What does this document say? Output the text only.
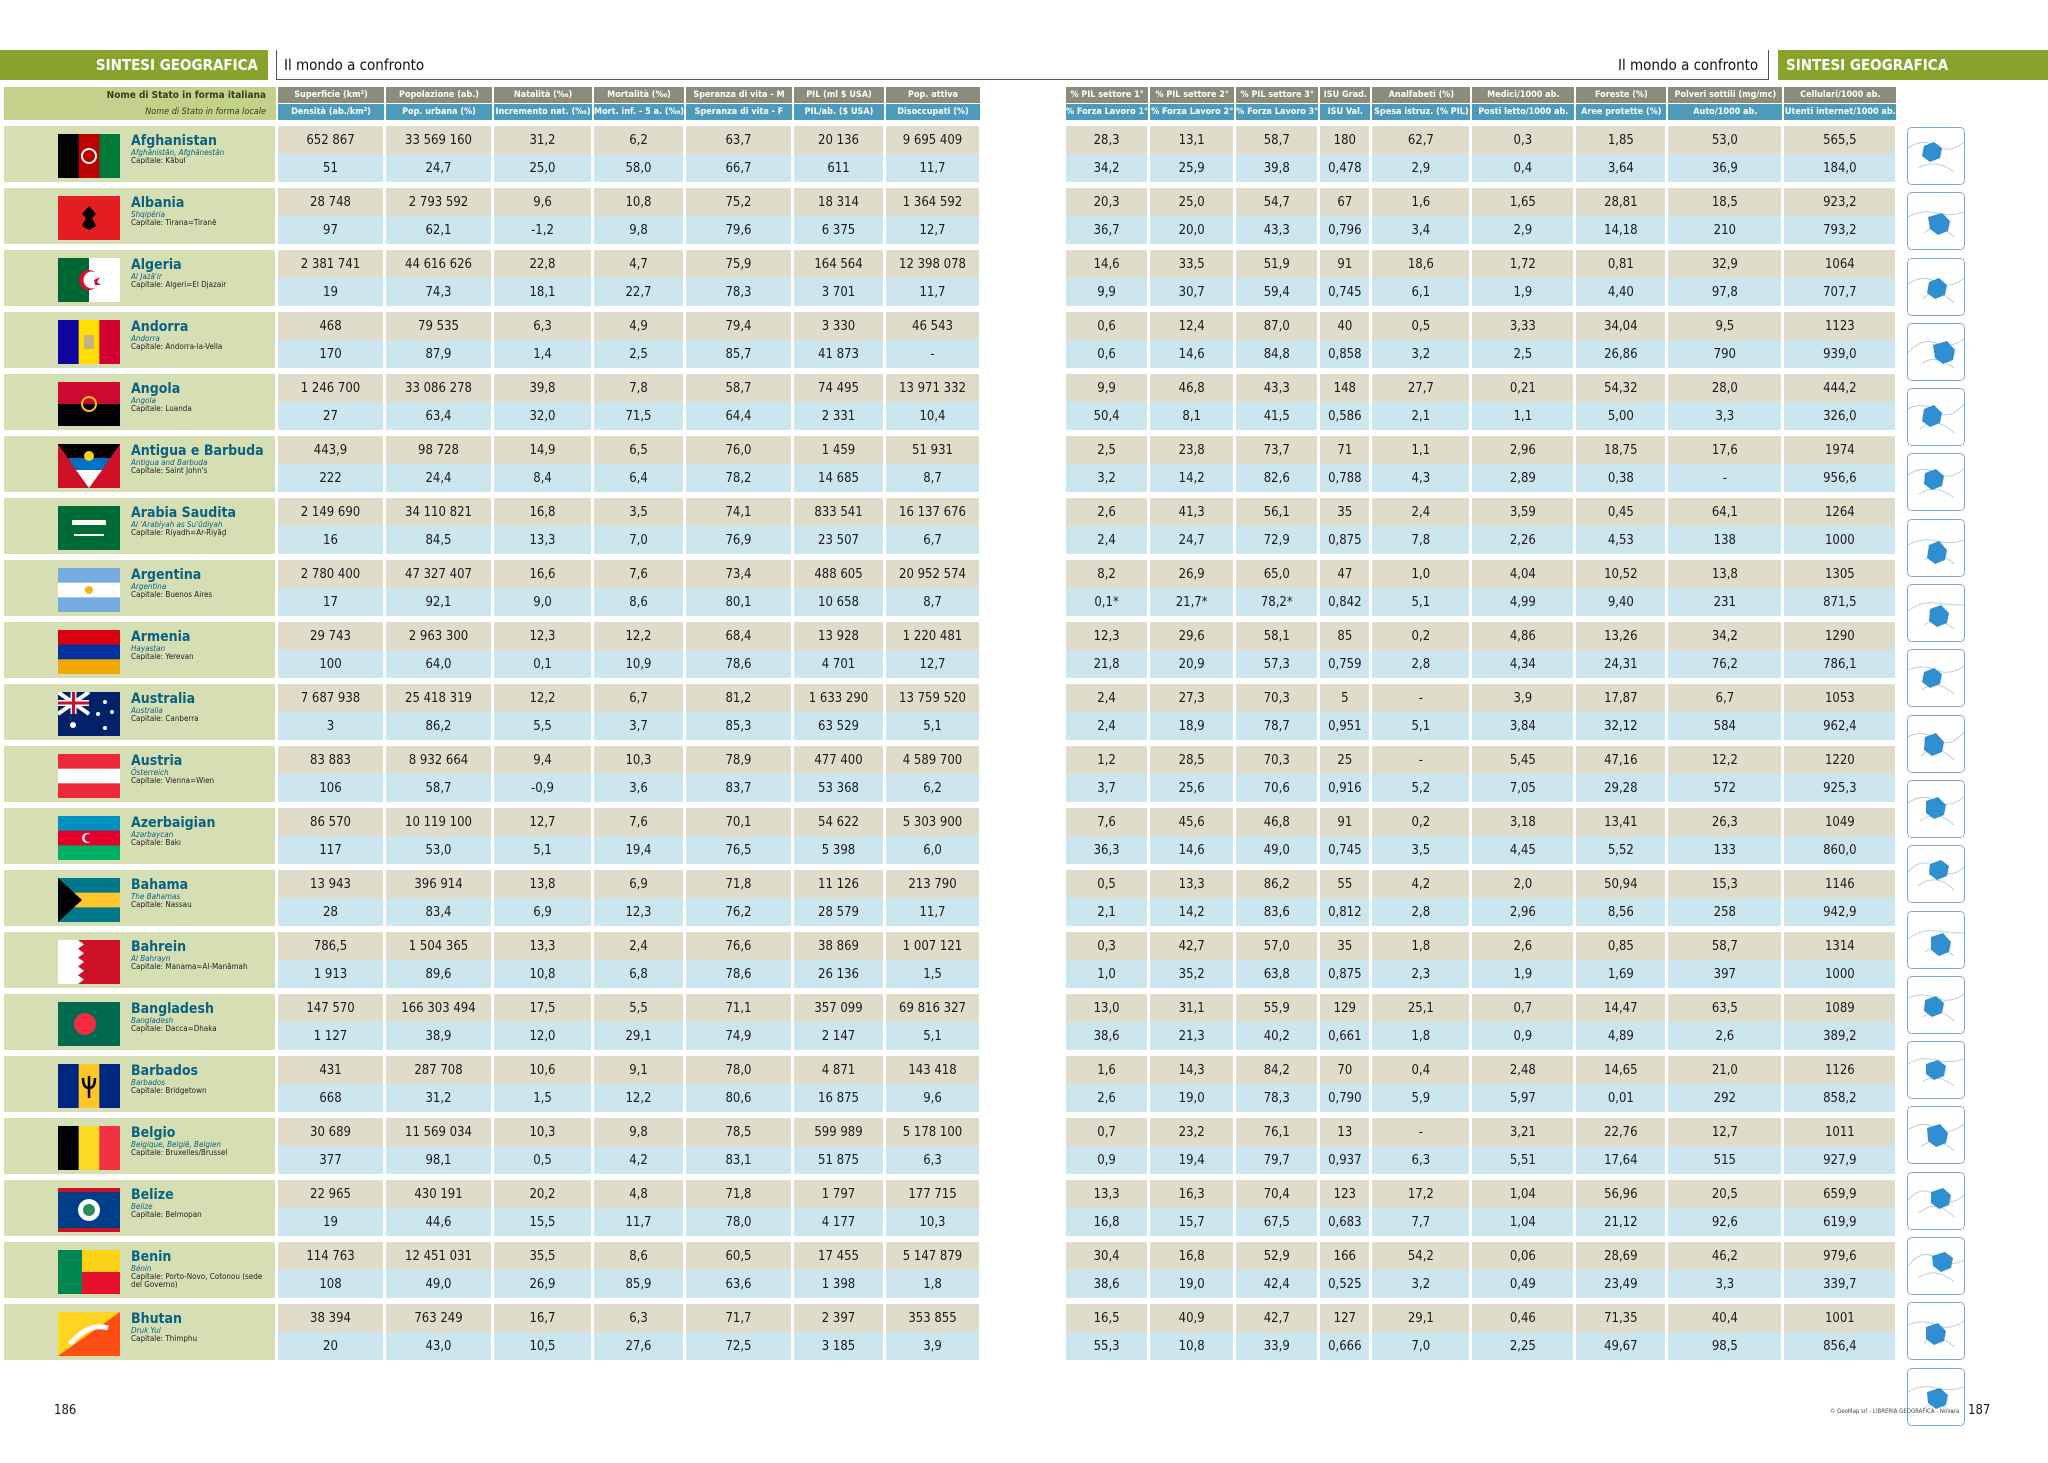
SINTESI GEOGRAFICA	Il mondo a confronto	Il mondo a confronto	SINTESI GEOGRAFICA
Nome di Stato in forma italiana	Superficie (km²)	Popolazione (ab.)	Natalità (‰)	Mortalità (‰)	Speranza di vita - M	PIL (ml $ USA)	Pop. attiva
Nome di Stato in forma locale	Densità (ab./km²)	Pop. urbana (%)	Incremento nat. (‰)	Mort. inf. - 5 a. (‰)	Speranza di vita - F	PIL/ab. ($ USA)	Disoccupati (%)

Afghanistan
Afghānistān, Afghānestān
Capitale: Kābul	652 867	33 569 160	31,2	6,2	63,7	20 136	9 695 409
	51	24,7	25,0	58,0	66,7	611	11,7

Albania
Shqipëria
Capitale: Tirana=Tiranë	28 748	2 793 592	9,6	10,8	75,2	18 314	1 364 592
	97	62,1	-1,2	9,8	79,6	6 375	12,7

Algeria
Al Jazā'ir
Capitale: Algeri=El Djazair	2 381 741	44 616 626	22,8	4,7	75,9	164 564	12 398 078
	19	74,3	18,1	22,7	78,3	3 701	11,7

Andorra
Andorra
Capitale: Andorra-la-Vella	468	79 535	6,3	4,9	79,4	3 330	46 543
	170	87,9	1,4	2,5	85,7	41 873	-

Angola
Angola
Capitale: Luanda	1 246 700	33 086 278	39,8	7,8	58,7	74 495	13 971 332
	27	63,4	32,0	71,5	64,4	2 331	10,4

Antigua e Barbuda
Antigua and Barbuda
Capitale: Saint John's	443,9	98 728	14,9	6,5	76,0	1 459	51 931
	222	24,4	8,4	6,4	78,2	14 685	8,7

Arabia Saudita
Al 'Arabiyah as Su'ūdiyah
Capitale: Riyadh=Ar-Riyāḑ	2 149 690	34 110 821	16,8	3,5	74,1	833 541	16 137 676
	16	84,5	13,3	7,0	76,9	23 507	6,7

Argentina
Argentina
Capitale: Buenos Aires	2 780 400	47 327 407	16,6	7,6	73,4	488 605	20 952 574
	17	92,1	9,0	8,6	80,1	10 658	8,7

Armenia
Hayastan
Capitale: Yerevan	29 743	2 963 300	12,3	12,2	68,4	13 928	1 220 481
	100	64,0	0,1	10,9	78,6	4 701	12,7

Australia
Australia
Capitale: Canberra	7 687 938	25 418 319	12,2	6,7	81,2	1 633 290	13 759 520
	3	86,2	5,5	3,7	85,3	63 529	5,1

Austria
Österreich
Capitale: Vienna=Wien	83 883	8 932 664	9,4	10,3	78,9	477 400	4 589 700
	106	58,7	-0,9	3,6	83,7	53 368	6,2

Azerbaigian
Azərbaycan
Capitale: Bakı	86 570	10 119 100	12,7	7,6	70,1	54 622	5 303 900
	117	53,0	5,1	19,4	76,5	5 398	6,0

Bahama
The Bahamas
Capitale: Nassau	13 943	396 914	13,8	6,9	71,8	11 126	213 790
	28	83,4	6,9	12,3	76,2	28 579	11,7

Bahrein
Al Bahrayn
Capitale: Manama=Al-Manāmah	786,5	1 504 365	13,3	2,4	76,6	38 869	1 007 121
	1 913	89,6	10,8	6,8	78,6	26 136	1,5

Bangladesh
Bangladesh
Capitale: Dacca=Dhaka	147 570	166 303 494	17,5	5,5	71,1	357 099	69 816 327
	1 127	38,9	12,0	29,1	74,9	2 147	5,1

Barbados
Barbados
Capitale: Bridgetown	431	287 708	10,6	9,1	78,0	4 871	143 418
	668	31,2	1,5	12,2	80,6	16 875	9,6

Belgio
Belgique, België, Belgien
Capitale: Bruxelles/Brussel	30 689	11 569 034	10,3	9,8	78,5	599 989	5 178 100
	377	98,1	0,5	4,2	83,1	51 875	6,3

Belize
Belize
Capitale: Belmopan	22 965	430 191	20,2	4,8	71,8	1 797	177 715
	19	44,6	15,5	11,7	78,0	4 177	10,3

Benin
Bénin
Capitale: Porto-Novo, Cotonou (sede del Governo)	114 763	12 451 031	35,5	8,6	60,5	17 455	5 147 879
	108	49,0	26,9	85,9	63,6	1 398	1,8

Bhutan
Druk Yul
Capitale: Thimphu	38 394	763 249	16,7	6,3	71,7	2 397	353 855
	20	43,0	10,5	27,6	72,5	3 185	3,9

% PIL settore 1°	% PIL settore 2°	% PIL settore 3°	ISU Grad.	Analfabeti (%)	Medici/1000 ab.	Foreste (%)	Polveri sottili (mg/mc)	Cellulari/1000 ab.
% Forza Lavoro 1°	% Forza Lavoro 2°	% Forza Lavoro 3°	ISU Val.	Spesa istruz. (% PIL)	Posti letto/1000 ab.	Aree protette (%)	Auto/1000 ab.	Utenti internet/1000 ab.

28,3	13,1	58,7	180	62,7	0,3	1,85	53,0	565,5
34,2	25,9	39,8	0,478	2,9	0,4	3,64	36,9	184,0

20,3	25,0	54,7	67	1,6	1,65	28,81	18,5	923,2
36,7	20,0	43,3	0,796	3,4	2,9	14,18	210	793,2

14,6	33,5	51,9	91	18,6	1,72	0,81	32,9	1064
9,9	30,7	59,4	0,745	6,1	1,9	4,40	97,8	707,7

0,6	12,4	87,0	40	0,5	3,33	34,04	9,5	1123
0,6	14,6	84,8	0,858	3,2	2,5	26,86	790	939,0

9,9	46,8	43,3	148	27,7	0,21	54,32	28,0	444,2
50,4	8,1	41,5	0,586	2,1	1,1	5,00	3,3	326,0

2,5	23,8	73,7	71	1,1	2,96	18,75	17,6	1974
3,2	14,2	82,6	0,788	4,3	2,89	0,38	-	956,6

2,6	41,3	56,1	35	2,4	3,59	0,45	64,1	1264
2,4	24,7	72,9	0,875	7,8	2,26	4,53	138	1000

8,2	26,9	65,0	47	1,0	4,04	10,52	13,8	1305
0,1*	21,7*	78,2*	0,842	5,1	4,99	9,40	231	871,5

12,3	29,6	58,1	85	0,2	4,86	13,26	34,2	1290
21,8	20,9	57,3	0,759	2,8	4,34	24,31	76,2	786,1

2,4	27,3	70,3	5	-	3,9	17,87	6,7	1053
2,4	18,9	78,7	0,951	5,1	3,84	32,12	584	962,4

1,2	28,5	70,3	25	-	5,45	47,16	12,2	1220
3,7	25,6	70,6	0,916	5,2	7,05	29,28	572	925,3

7,6	45,6	46,8	91	0,2	3,18	13,41	26,3	1049
36,3	14,6	49,0	0,745	3,5	4,45	5,52	133	860,0

0,5	13,3	86,2	55	4,2	2,0	50,94	15,3	1146
2,1	14,2	83,6	0,812	2,8	2,96	8,56	258	942,9

0,3	42,7	57,0	35	1,8	2,6	0,85	58,7	1314
1,0	35,2	63,8	0,875	2,3	1,9	1,69	397	1000

13,0	31,1	55,9	129	25,1	0,7	14,47	63,5	1089
38,6	21,3	40,2	0,661	1,8	0,9	4,89	2,6	389,2

1,6	14,3	84,2	70	0,4	2,48	14,65	21,0	1126
2,6	19,0	78,3	0,790	5,9	5,97	0,01	292	858,2

0,7	23,2	76,1	13	-	3,21	22,76	12,7	1011
0,9	19,4	79,7	0,937	6,3	5,51	17,64	515	927,9

13,3	16,3	70,4	123	17,2	1,04	56,96	20,5	659,9
16,8	15,7	67,5	0,683	7,7	1,04	21,12	92,6	619,9

30,4	16,8	52,9	166	54,2	0,06	28,69	46,2	979,6
38,6	19,0	42,4	0,525	3,2	0,49	23,49	3,3	339,7

16,5	40,9	42,7	127	29,1	0,46	71,35	40,4	1001
55,3	10,8	33,9	0,666	7,0	2,25	49,67	98,5	856,4

186	© GeoMap srl - LIBRERIA GEOGRAFICA - Novara 187
